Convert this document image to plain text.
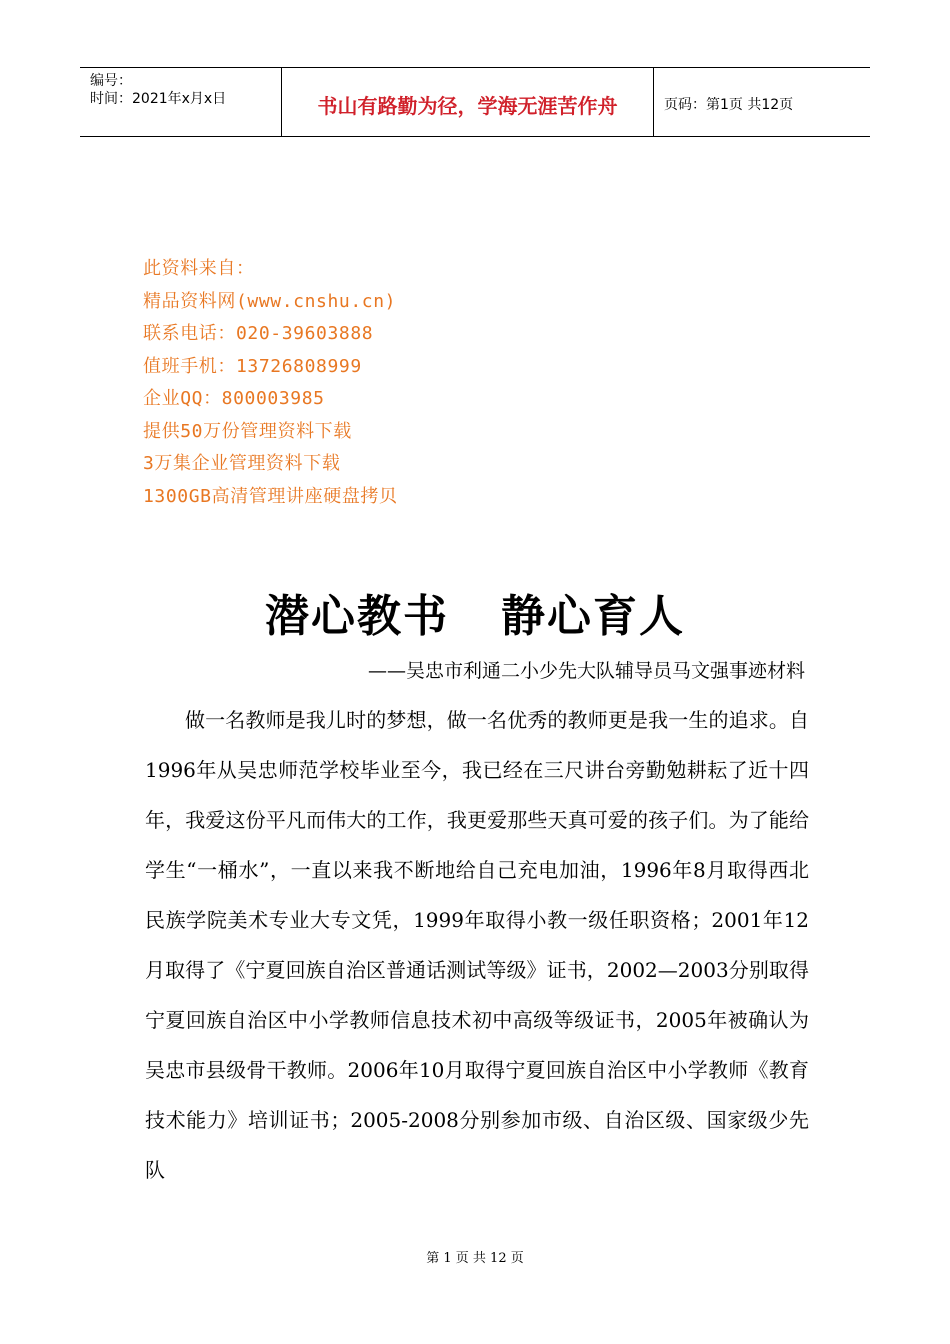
编号：
时间：2021年x月x日	书山有路勤为径，学海无涯苦作舟	页码：第1页 共12页
此资料来自：
精品资料网(www.cnshu.cn)
联系电话：020-39603888
值班手机：13726808999
企业QQ：800003985
提供50万份管理资料下载
3万集企业管理资料下载
1300GB高清管理讲座硬盘拷贝
潜心教书 静心育人
——吴忠市利通二小少先大队辅导员马文强事迹材料

做一名教师是我儿时的梦想，做一名优秀的教师更是我一生的追求。自1996年从吴忠师范学校毕业至今，我已经在三尺讲台旁勤勉耕耘了近十四年，我爱这份平凡而伟大的工作，我更爱那些天真可爱的孩子们。为了能给学生“一桶水”，一直以来我不断地给自己充电加油，1996年8月取得西北民族学院美术专业大专文凭，1999年取得小教一级任职资格；2001年12月取得了《宁夏回族自治区普通话测试等级》证书，2002—2003分别取得宁夏回族自治区中小学教师信息技术初中高级等级证书，2005年被确认为吴忠市县级骨干教师。2006年10月取得宁夏回族自治区中小学教师《教育技术能力》培训证书；2005-2008分别参加市级、自治区级、国家级少先队

第 1 页 共 12 页
